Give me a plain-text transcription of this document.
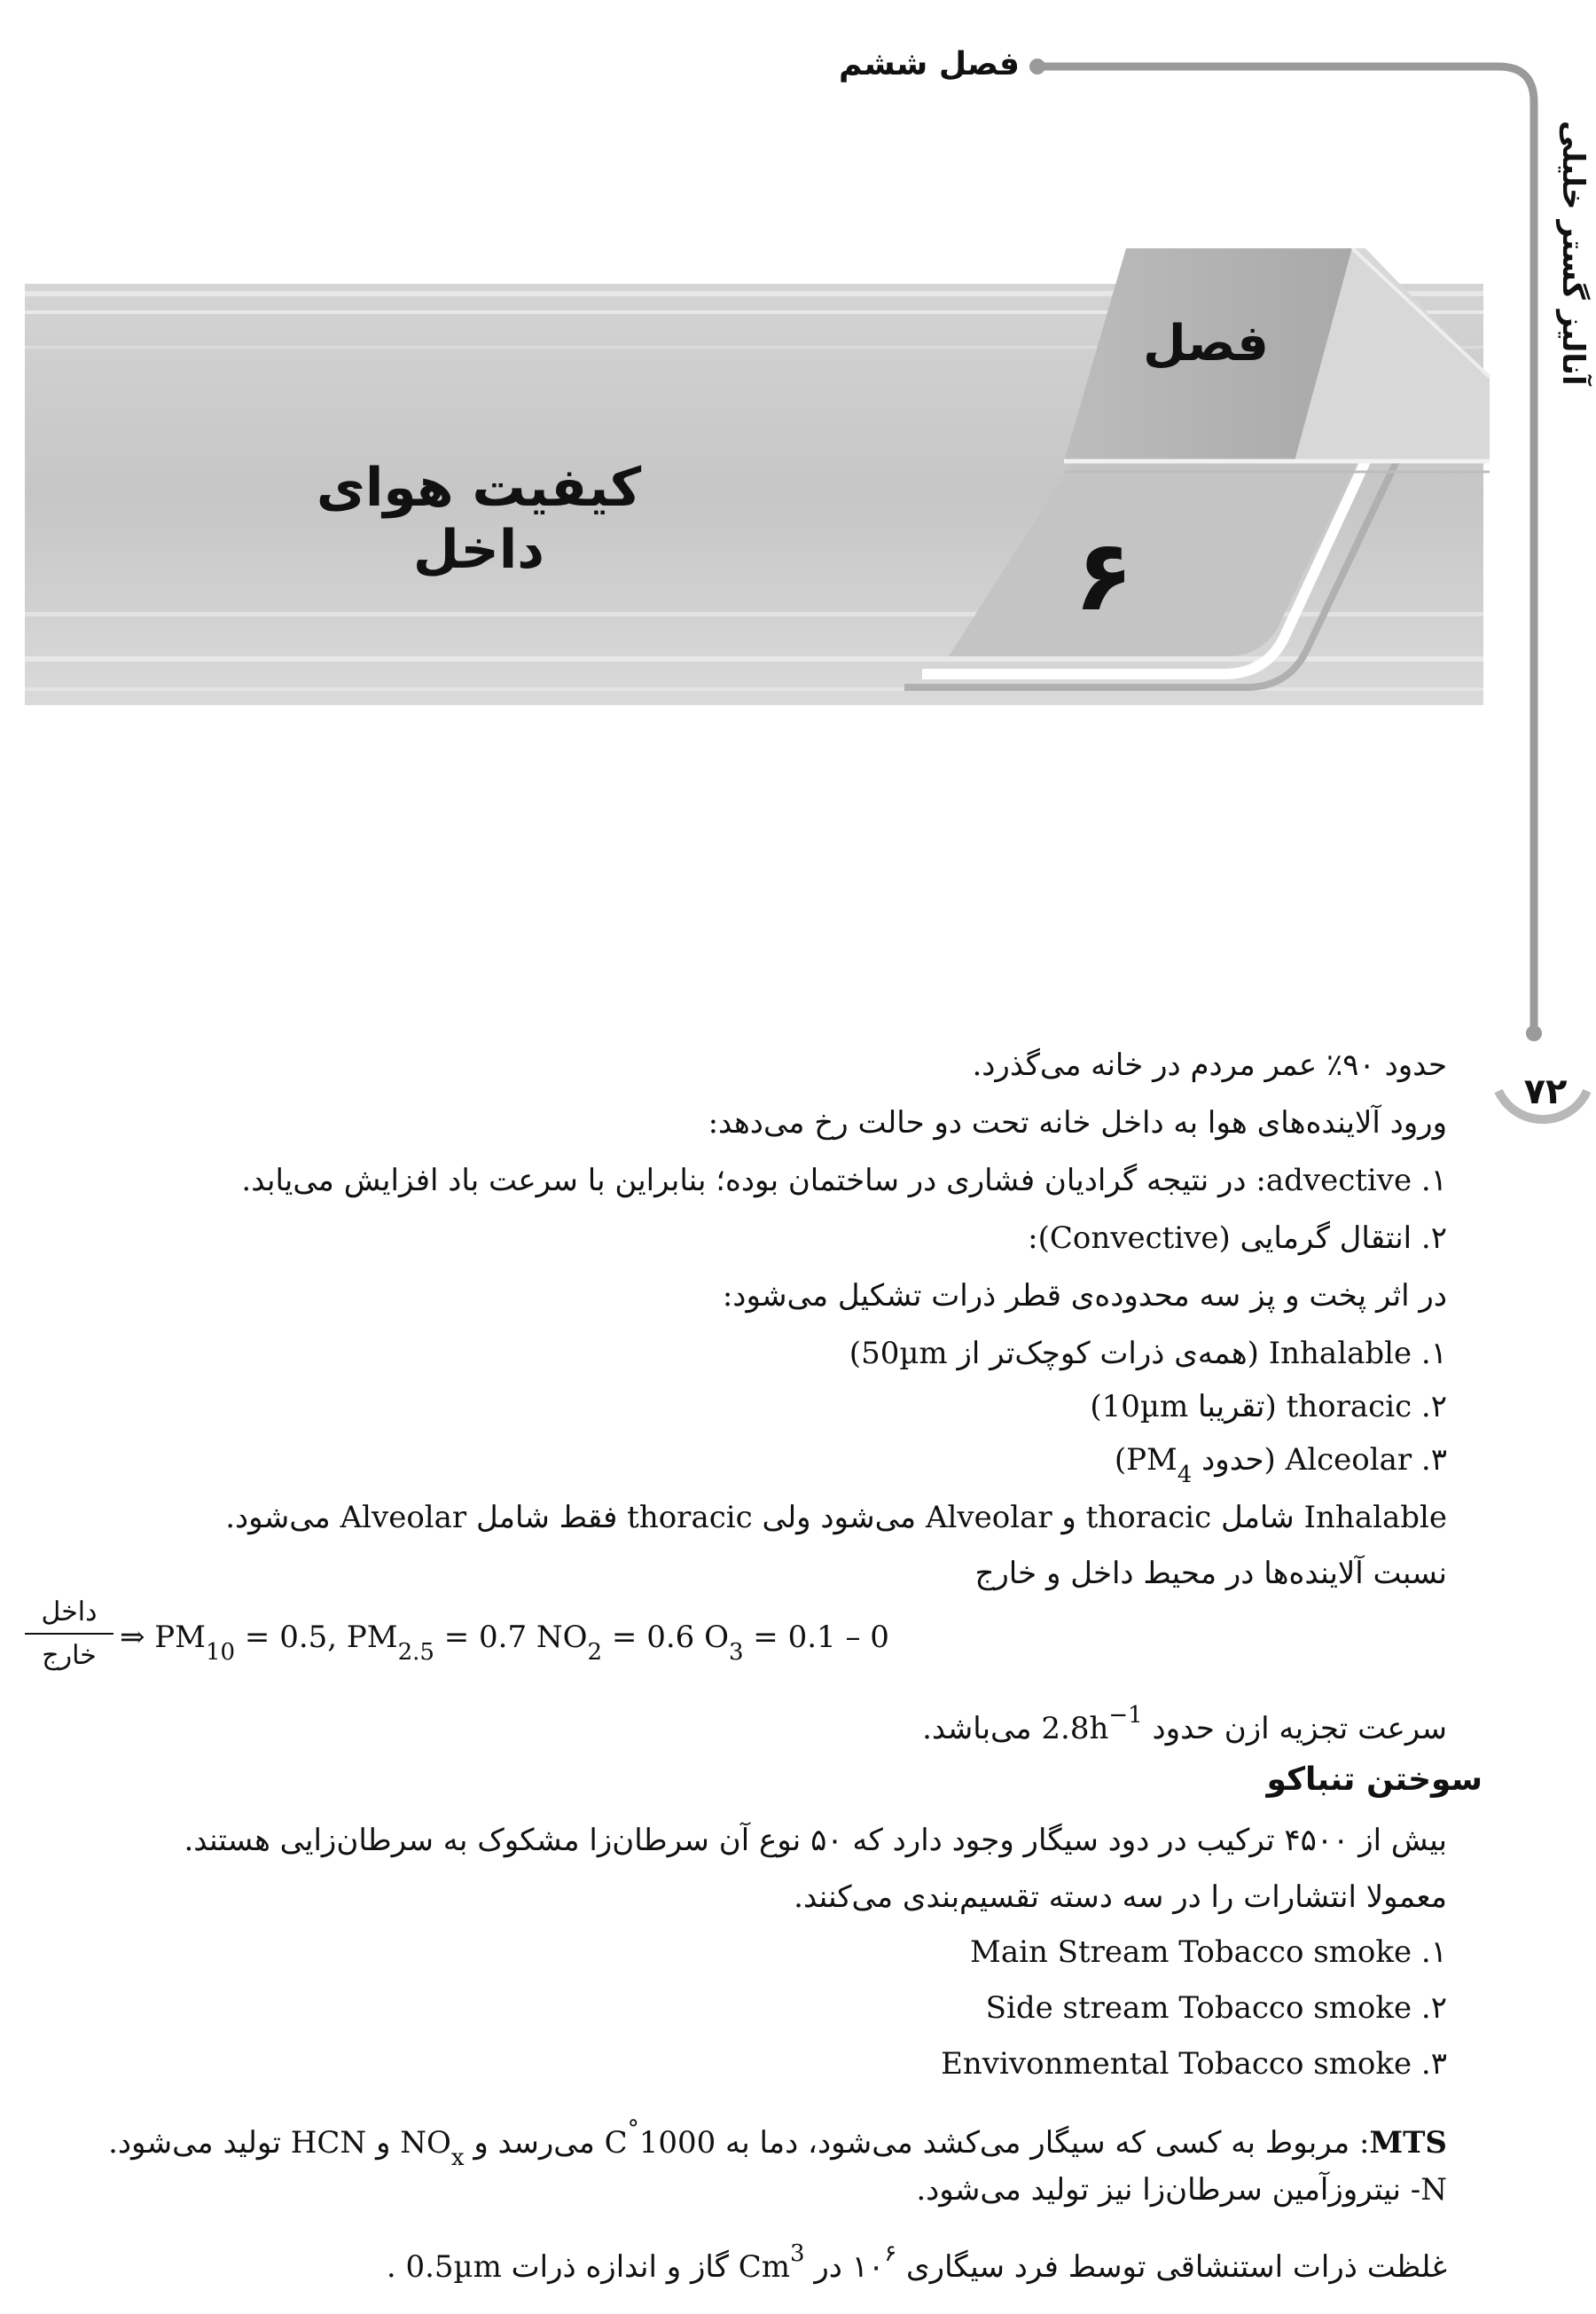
فصل ششم
آنالیز گستر خلیلی
۷۲
فصل
کیفیت هوای داخل	۶
حدود ۹۰٪ عمر مردم در خانه می‌گذرد.
ورود آلاینده‌های هوا به داخل خانه تحت دو حالت رخ می‌دهد:
۱. advective: در نتیجه گرادیان فشاری در ساختمان بوده؛ بنابراین با سرعت باد افزایش می‌یابد.
۲. انتقال گرمایی (Convective):
در اثر پخت و پز سه محدوده‌ی قطر ذرات تشکیل می‌شود:
۱. Inhalable (همه‌ی ذرات کوچک‌تر از 50µm)
۲. thoracic (تقریبا 10µm)
۳. Alceolar (حدود $PM_4$)
Inhalable شامل thoracic و Alveolar می‌شود ولی thoracic فقط شامل Alveolar می‌شود.
نسبت آلاینده‌ها در محیط داخل و خارج
داخل
خارج
⇒ $PM_{10} = 0.5$, $PM_{2.5} = 0.7$ $NO_2 = 0.6$ $O_3 = 0.1 - 0$
سرعت تجزیه ازن حدود $2.8h^{-1}$ می‌باشد.
سوختن تنباکو
بیش از ۴۵۰۰ ترکیب در دود سیگار وجود دارد که ۵۰ نوع آن سرطان‌زا مشکوک به سرطان‌زایی هستند.
معمولا انتشارات را در سه دسته تقسیم‌بندی می‌کنند.
۱. Main Stream Tobacco smoke
۲. Side stream Tobacco smoke
۳. Envivonmental Tobacco smoke
MTS: مربوط به کسی که سیگار می‌کشد می‌شود، دما به 1000°C می‌رسد و $NO_x$ و HCN تولید می‌شود.
N- نیتروزآمین سرطان‌زا نیز تولید می‌شود.
غلظت ذرات استنشاقی توسط فرد سیگاری $۱۰^۶$ در Cm$^3$ گاز و اندازه ذرات 0.5µm .
